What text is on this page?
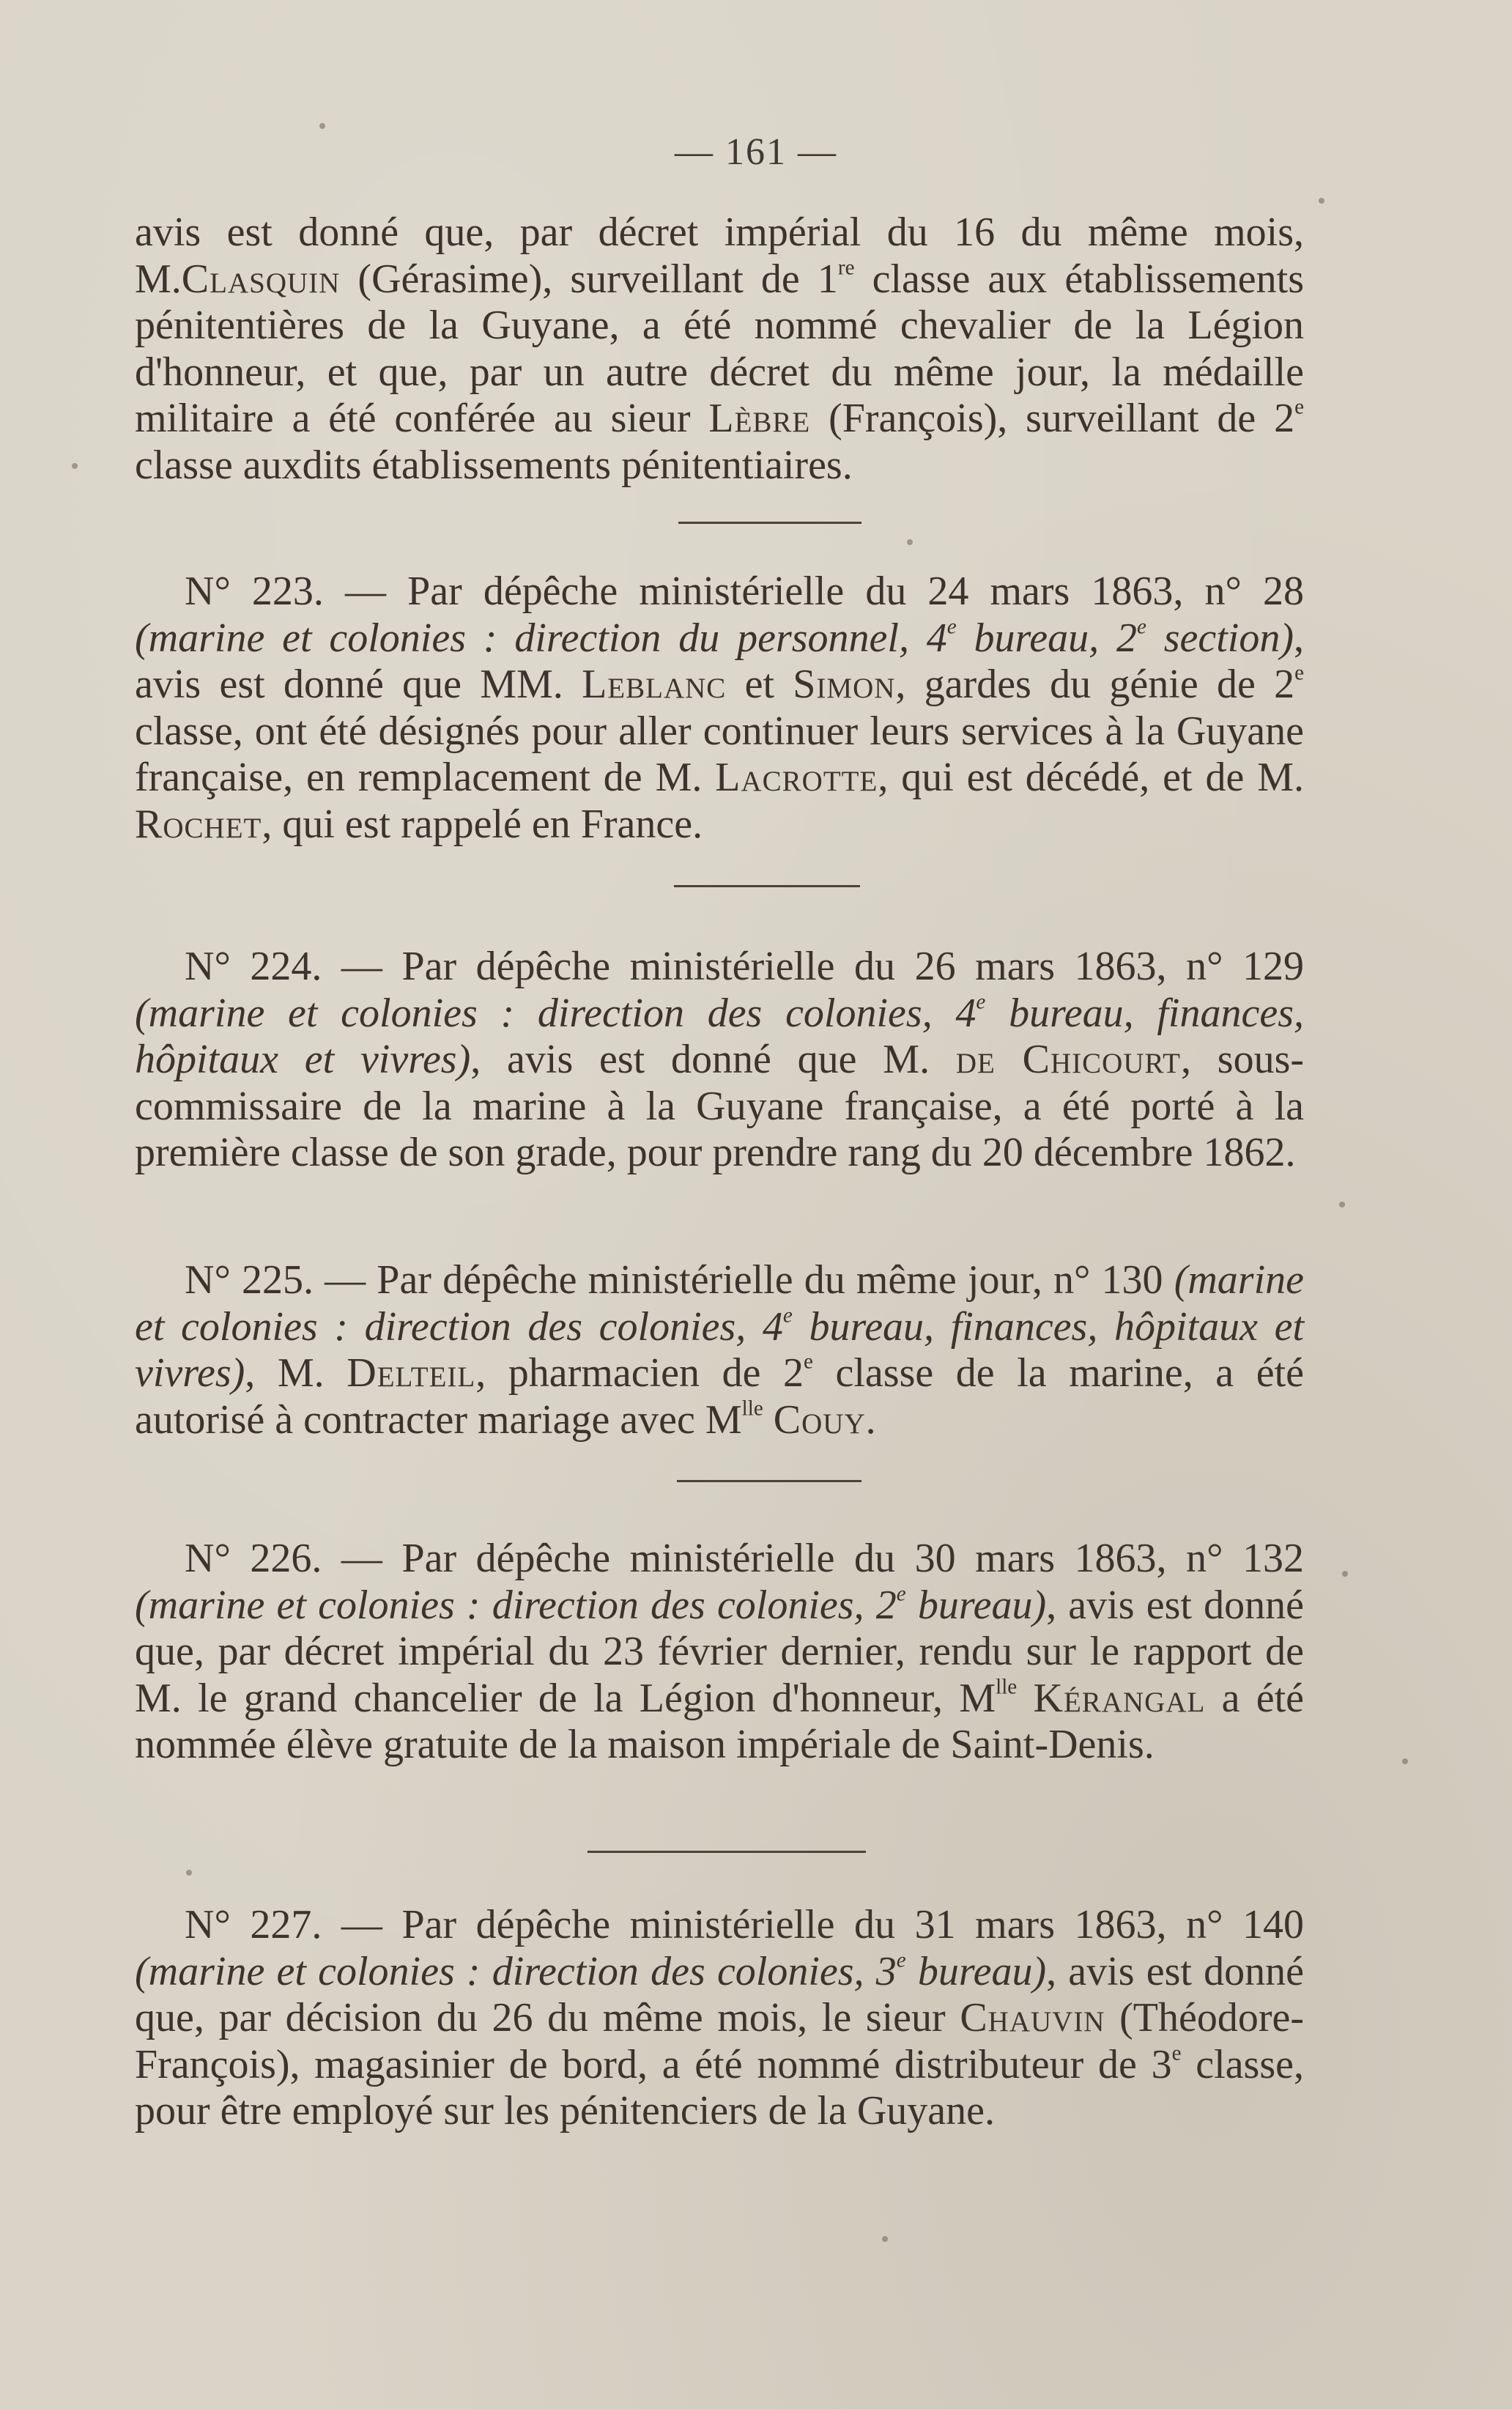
— 161 —

avis est donné que, par décret impérial du 16 du même mois, M.Clasquin (Gérasime), surveillant de 1re classe aux établissements pénitentières de la Guyane, a été nommé chevalier de la Légion d'honneur, et que, par un autre décret du même jour, la médaille militaire a été conférée au sieur Lèbre (François), surveillant de 2e classe auxdits établissements pénitentiaires.

N° 223. — Par dépêche ministérielle du 24 mars 1863, n° 28 (marine et colonies : direction du personnel, 4e bureau, 2e section), avis est donné que MM. Leblanc et Simon, gardes du génie de 2e classe, ont été désignés pour aller continuer leurs services à la Guyane française, en remplacement de M. Lacrotte, qui est décédé, et de M. Rochet, qui est rappelé en France.

N° 224. — Par dépêche ministérielle du 26 mars 1863, n° 129 (marine et colonies : direction des colonies, 4e bureau, finances, hôpitaux et vivres), avis est donné que M. de Chicourt, sous-commissaire de la marine à la Guyane française, a été porté à la première classe de son grade, pour prendre rang du 20 décembre 1862.

N° 225. — Par dépêche ministérielle du même jour, n° 130 (marine et colonies : direction des colonies, 4e bureau, finances, hôpitaux et vivres), M. Delteil, pharmacien de 2e classe de la marine, a été autorisé à contracter mariage avec $M^{lle}$ Couy.

N° 226. — Par dépêche ministérielle du 30 mars 1863, n° 132 (marine et colonies : direction des colonies, 2e bureau), avis est donné que, par décret impérial du 23 février dernier, rendu sur le rapport de M. le grand chancelier de la Légion d'honneur, $M^{lle}$ Kérangal a été nommée élève gratuite de la maison impériale de Saint-Denis.

N° 227. — Par dépêche ministérielle du 31 mars 1863, n° 140 (marine et colonies : direction des colonies, 3e bureau), avis est donné que, par décision du 26 du même mois, le sieur Chauvin (Théodore-François), magasinier de bord, a été nommé distributeur de 3e classe, pour être employé sur les pénitenciers de la Guyane.
